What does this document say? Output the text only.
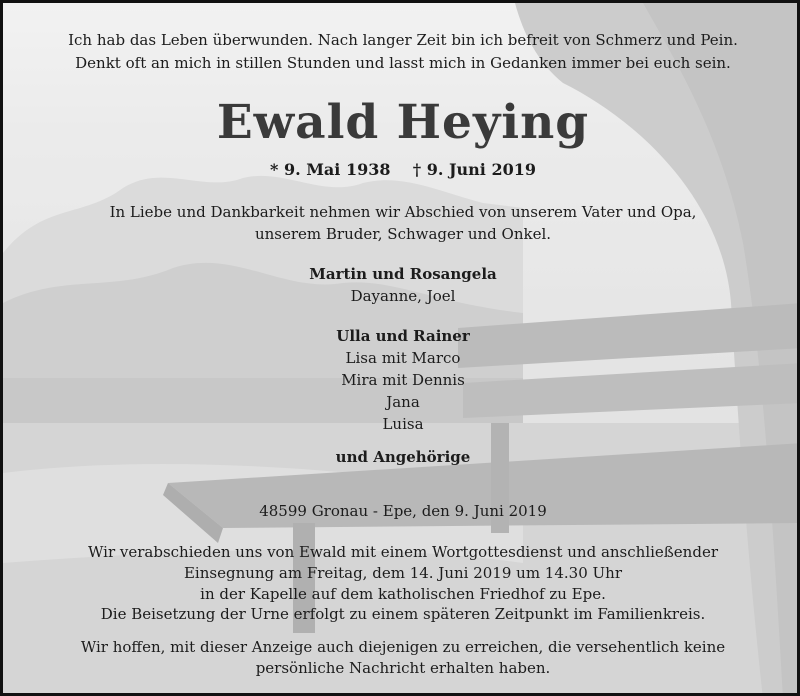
Ich hab das Leben überwunden. Nach langer Zeit bin ich befreit von Schmerz und Pein.
Denkt oft an mich in stillen Stunden und lasst mich in Gedanken immer bei euch sein.
Ewald Heying
* 9. Mai 1938 † 9. Juni 2019
In Liebe und Dankbarkeit nehmen wir Abschied von unserem Vater und Opa,
unserem Bruder, Schwager und Onkel.
Martin und Rosangela
Dayanne, Joel
Ulla und Rainer
Lisa mit Marco
Mira mit Dennis
Jana
Luisa
und Angehörige
48599 Gronau - Epe, den 9. Juni 2019
Wir verabschieden uns von Ewald mit einem Wortgottesdienst und anschließender
Einsegnung am Freitag, dem 14. Juni 2019 um 14.30 Uhr
in der Kapelle auf dem katholischen Friedhof zu Epe.
Die Beisetzung der Urne erfolgt zu einem späteren Zeitpunkt im Familienkreis.
Wir hoffen, mit dieser Anzeige auch diejenigen zu erreichen, die versehentlich keine
persönliche Nachricht erhalten haben.
